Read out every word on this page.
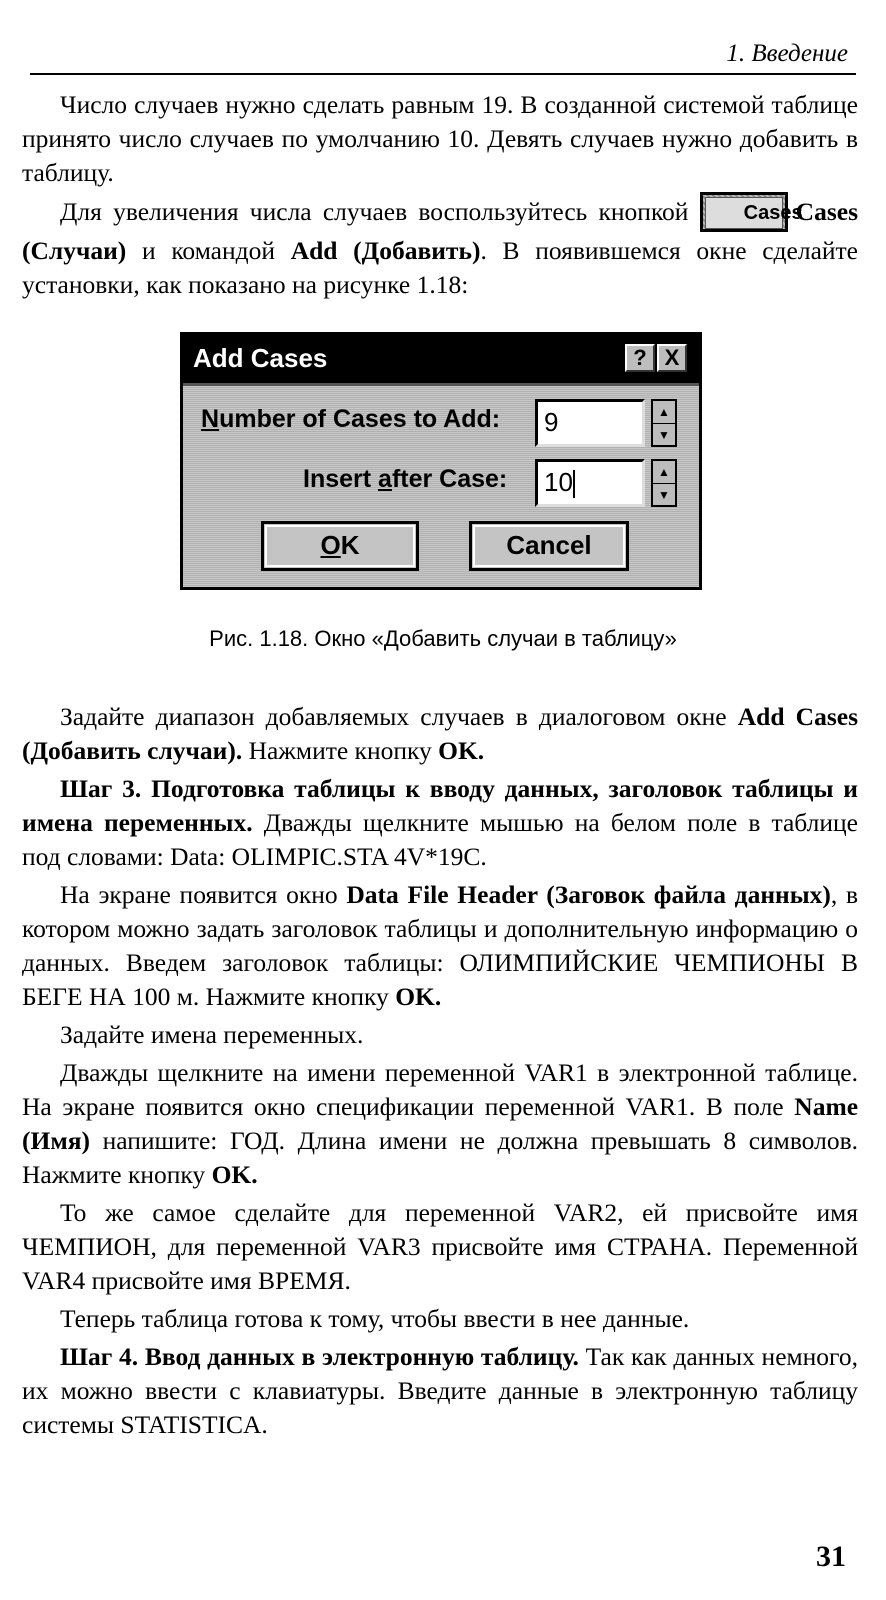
1. Введение

Число случаев нужно сделать равным 19. В созданной системой таблице принято число случаев по умолчанию 10. Девять случаев нужно добавить в таблицу.

Для увеличения числа случаев воспользуйтесь кнопкой	Cases
Cases (Случаи) и командой Add (Добавить). В появившемся окне сделайте установки, как показано на рисунке 1.18:

Add Cases	? X
Number of Cases to Add:	9	▲
▼
Insert after Case:	10	▲
▼
OK	Cancel
Рис. 1.18. Окно «Добавить случаи в таблицу»

Задайте диапазон добавляемых случаев в диалоговом окне Add Cases (Добавить случаи). Нажмите кнопку OK.

Шаг 3. Подготовка таблицы к вводу данных, заголовок таблицы и имена переменных. Дважды щелкните мышью на белом поле в таблице под словами: Data: OLIMPIC.STA 4V*19C.

На экране появится окно Data File Header (Заговок файла данных), в котором можно задать заголовок таблицы и дополнительную информацию о данных. Введем заголовок таблицы: ОЛИМПИЙСКИЕ ЧЕМПИОНЫ В БЕГЕ НА 100 м. Нажмите кнопку OK.

Задайте имена переменных.

Дважды щелкните на имени переменной VAR1 в электронной таблице. На экране появится окно спецификации переменной VAR1. В поле Name (Имя) напишите: ГОД. Длина имени не должна превышать 8 символов. Нажмите кнопку OK.

То же самое сделайте для переменной VAR2, ей присвойте имя ЧЕМПИОН, для переменной VAR3 присвойте имя СТРАНА. Переменной VAR4 присвойте имя ВРЕМЯ.

Теперь таблица готова к тому, чтобы ввести в нее данные.

Шаг 4. Ввод данных в электронную таблицу. Так как данных немного, их можно ввести с клавиатуры. Введите данные в электронную таблицу системы STATISTICA.

31
